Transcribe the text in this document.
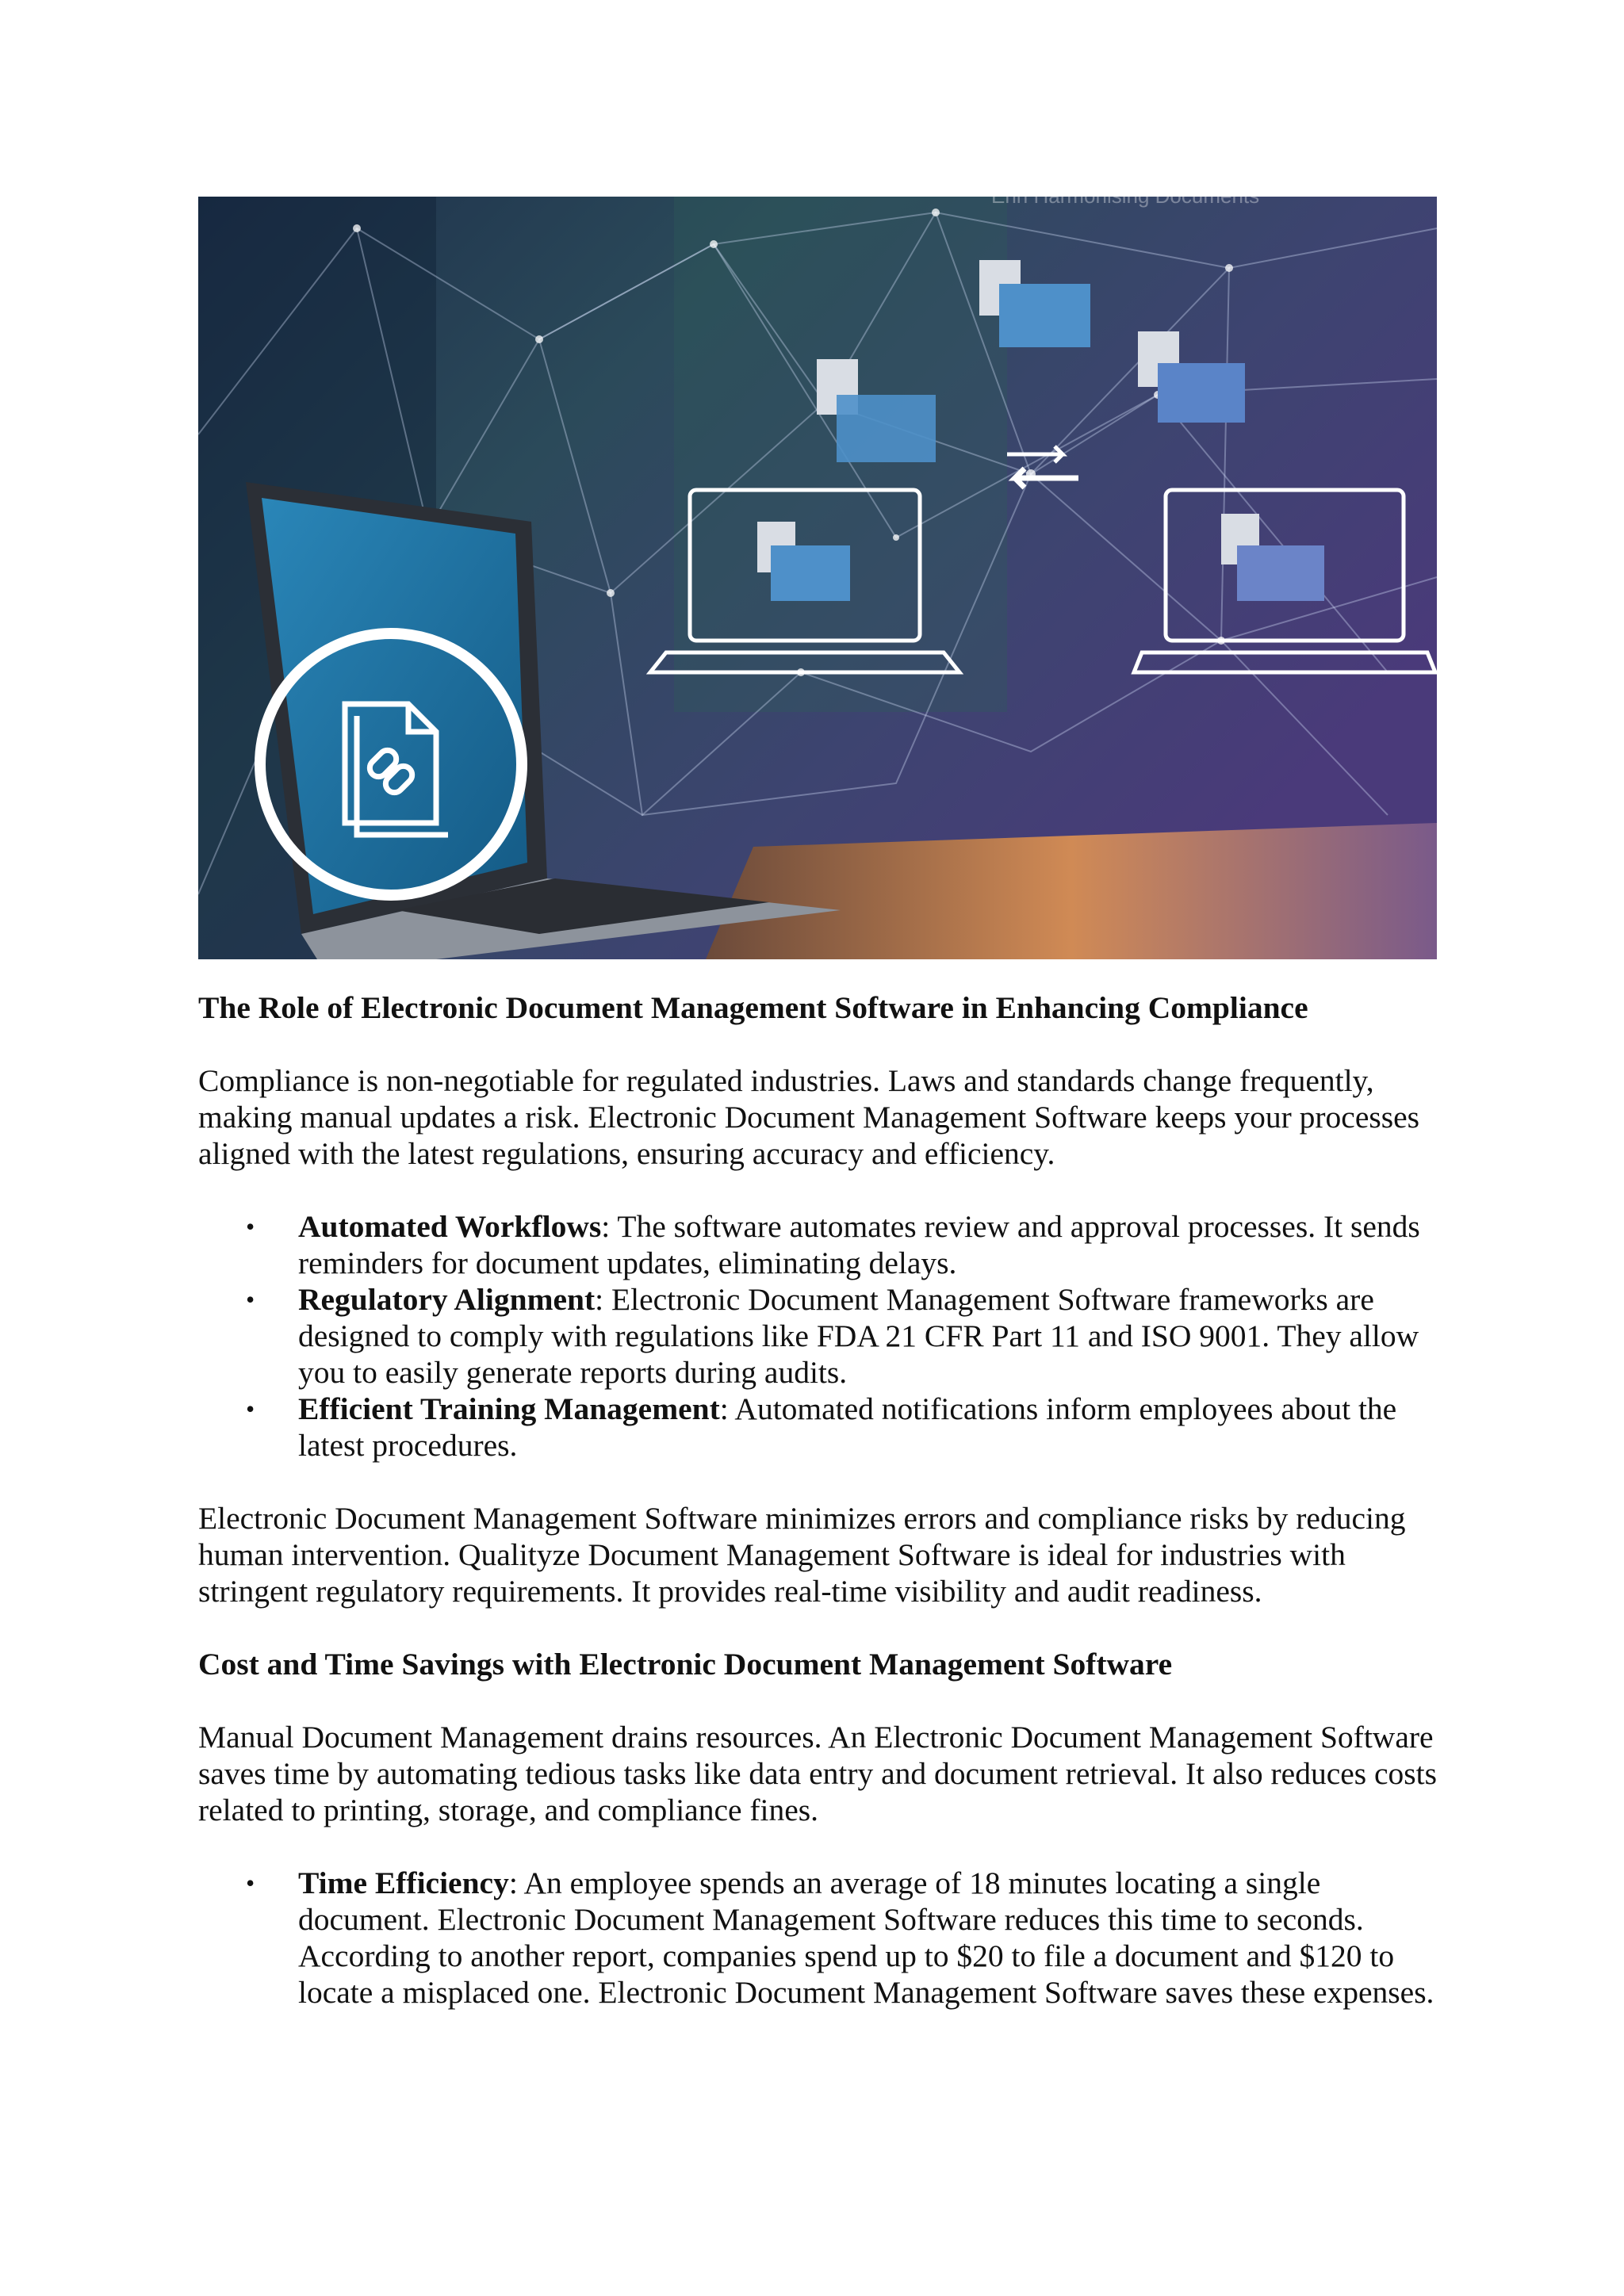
Enh Harmonising Documents
The Role of Electronic Document Management Software in Enhancing Compliance

Compliance is non-negotiable for regulated industries. Laws and standards change frequently, making manual updates a risk. Electronic Document Management Software keeps your processes aligned with the latest regulations, ensuring accuracy and efficiency.

• Automated Workflows: The software automates review and approval processes. It sends reminders for document updates, eliminating delays.
• Regulatory Alignment: Electronic Document Management Software frameworks are designed to comply with regulations like FDA 21 CFR Part 11 and ISO 9001. They allow you to easily generate reports during audits.
• Efficient Training Management: Automated notifications inform employees about the latest procedures.

Electronic Document Management Software minimizes errors and compliance risks by reducing human intervention. Qualityze Document Management Software is ideal for industries with stringent regulatory requirements. It provides real-time visibility and audit readiness.

Cost and Time Savings with Electronic Document Management Software

Manual Document Management drains resources. An Electronic Document Management Software saves time by automating tedious tasks like data entry and document retrieval. It also reduces costs related to printing, storage, and compliance fines.

• Time Efficiency: An employee spends an average of 18 minutes locating a single document. Electronic Document Management Software reduces this time to seconds. According to another report, companies spend up to $20 to file a document and $120 to locate a misplaced one. Electronic Document Management Software saves these expenses.
